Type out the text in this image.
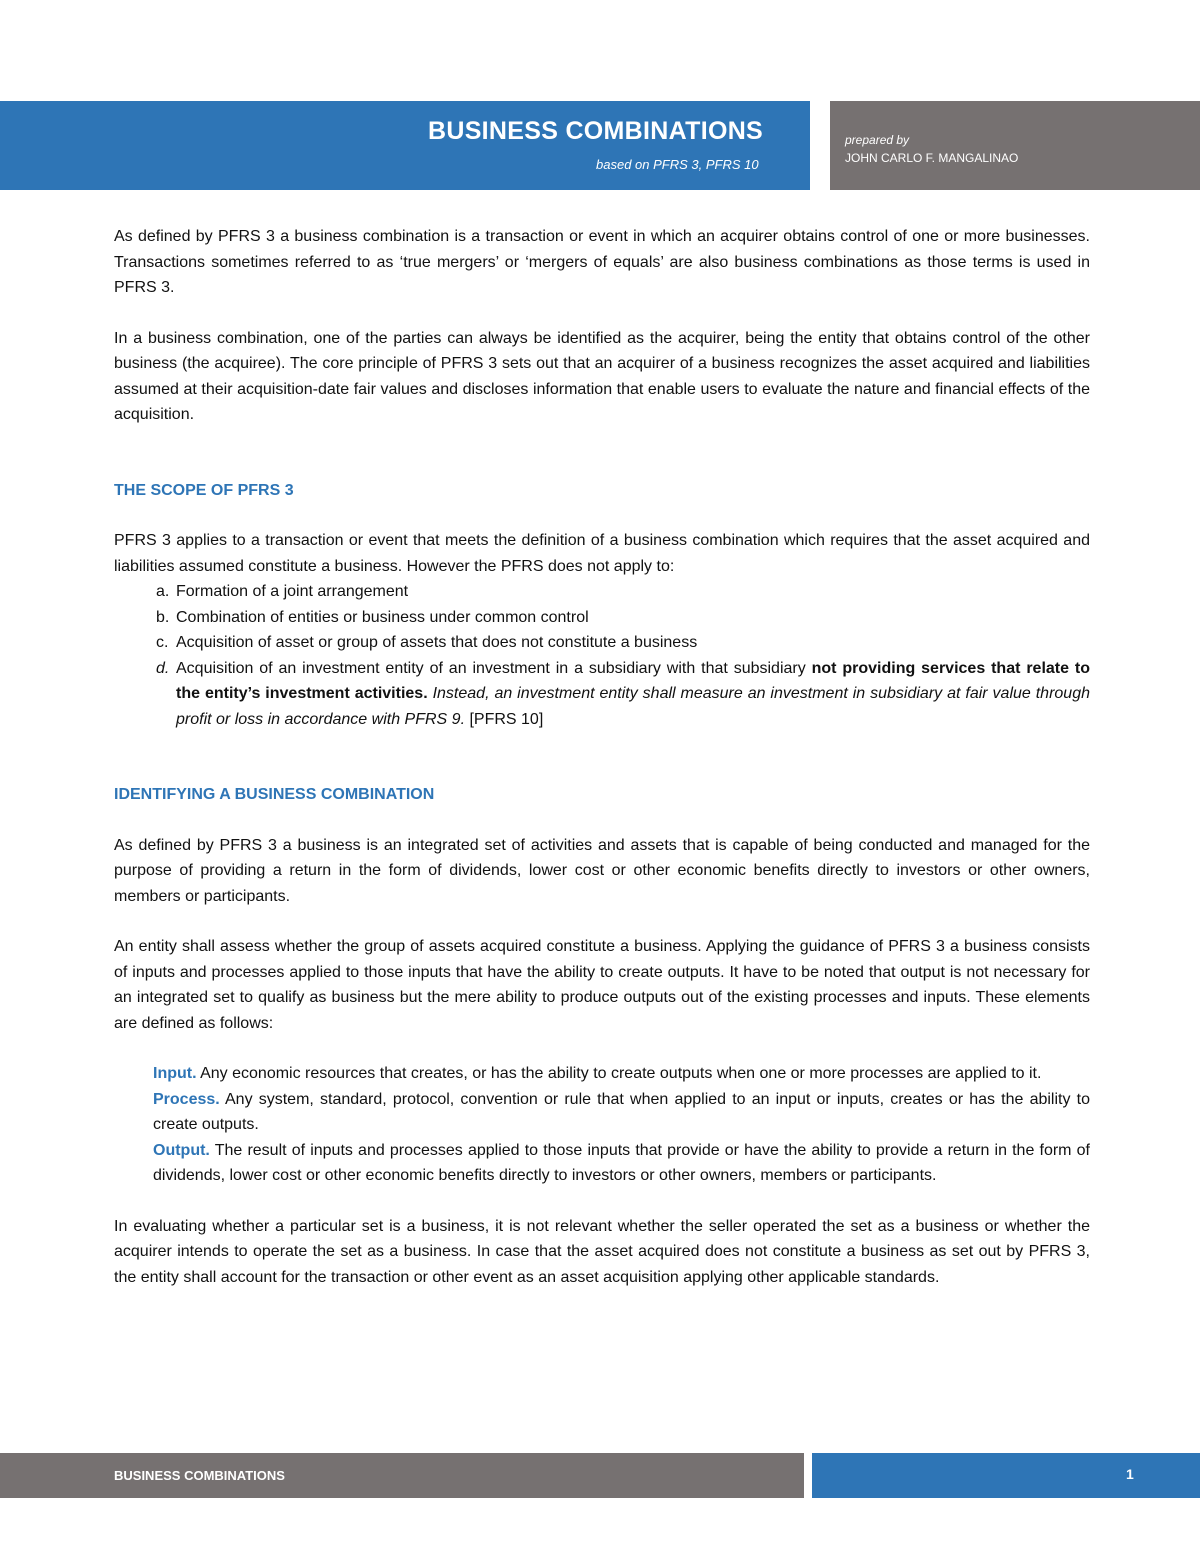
BUSINESS COMBINATIONS
based on PFRS 3, PFRS 10
prepared by
JOHN CARLO F. MANGALINAO

As defined by PFRS 3 a business combination is a transaction or event in which an acquirer obtains control of one or more businesses. Transactions sometimes referred to as ‘true mergers’ or ‘mergers of equals’ are also business combinations as those terms is used in PFRS 3.

In a business combination, one of the parties can always be identified as the acquirer, being the entity that obtains control of the other business (the acquiree). The core principle of PFRS 3 sets out that an acquirer of a business recognizes the asset acquired and liabilities assumed at their acquisition-date fair values and discloses information that enable users to evaluate the nature and financial effects of the acquisition.

THE SCOPE OF PFRS 3

PFRS 3 applies to a transaction or event that meets the definition of a business combination which requires that the asset acquired and liabilities assumed constitute a business. However the PFRS does not apply to:

a. Formation of a joint arrangement
b. Combination of entities or business under common control
c. Acquisition of asset or group of assets that does not constitute a business
d. Acquisition of an investment entity of an investment in a subsidiary with that subsidiary not providing services that relate to the entity’s investment activities. Instead, an investment entity shall measure an investment in subsidiary at fair value through profit or loss in accordance with PFRS 9. [PFRS 10]
IDENTIFYING A BUSINESS COMBINATION

As defined by PFRS 3 a business is an integrated set of activities and assets that is capable of being conducted and managed for the purpose of providing a return in the form of dividends, lower cost or other economic benefits directly to investors or other owners, members or participants.

An entity shall assess whether the group of assets acquired constitute a business. Applying the guidance of PFRS 3 a business consists of inputs and processes applied to those inputs that have the ability to create outputs. It have to be noted that output is not necessary for an integrated set to qualify as business but the mere ability to produce outputs out of the existing processes and inputs. These elements are defined as follows:

Input. Any economic resources that creates, or has the ability to create outputs when one or more processes are applied to it.

Process. Any system, standard, protocol, convention or rule that when applied to an input or inputs, creates or has the ability to create outputs.

Output. The result of inputs and processes applied to those inputs that provide or have the ability to provide a return in the form of dividends, lower cost or other economic benefits directly to investors or other owners, members or participants.

In evaluating whether a particular set is a business, it is not relevant whether the seller operated the set as a business or whether the acquirer intends to operate the set as a business. In case that the asset acquired does not constitute a business as set out by PFRS 3, the entity shall account for the transaction or other event as an asset acquisition applying other applicable standards.

BUSINESS COMBINATIONS	1
